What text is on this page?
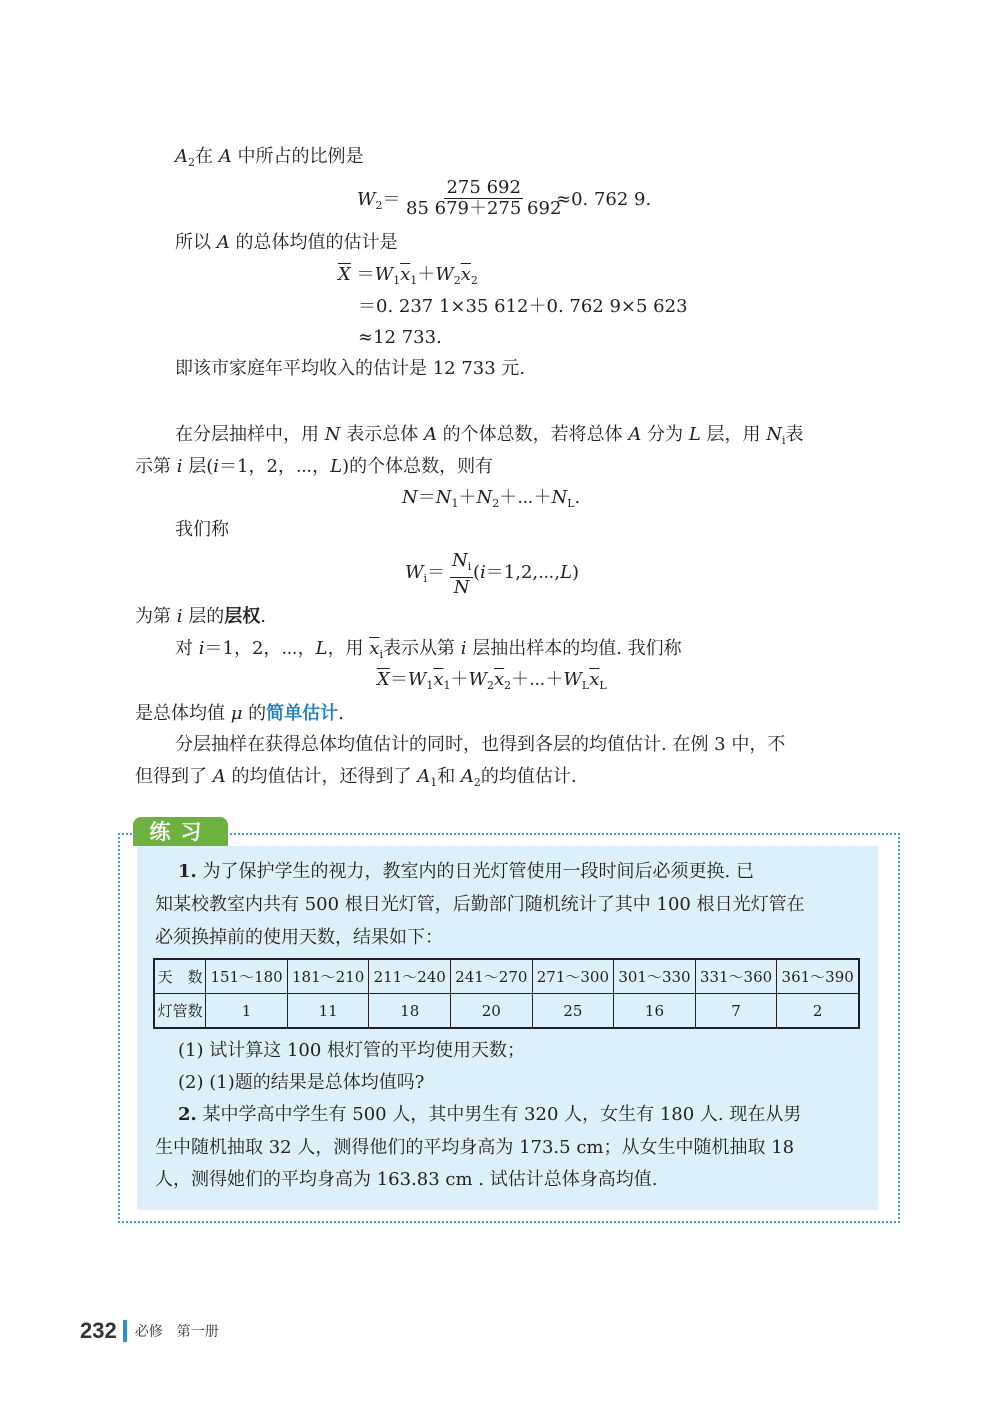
$A_2$在 A 中所占的比例是
$W_2= \frac{275 692}{85 679+275 692}$
≈0. 762 9.
所以 A 的总体均值的估计是
$\overline{X} =W_1\overline{x}_1+W_2\overline{x}_2$
＝0. 237 1×35 612＋0. 762 9×5 623
≈12 733.
即该市家庭年平均收入的估计是 12 733 元.
在分层抽样中，用 N 表示总体 A 的个体总数，若将总体 A 分为 L 层，用 $N_i$表
示第 i 层(i＝1，2，⋯，L)的个体总数，则有
$N=N_1+N_2+\cdots+N_L$.
我们称
$W_i= \frac{N_i}{N}$ (i＝1,2,⋯,L)
为第 i 层的层权.
对 i＝1，2，⋯，L，用 $\overline{x}_i$表示从第 i 层抽出样本的均值. 我们称
$\overline{X}=W_1\overline{x}_1+W_2\overline{x}_2+\cdots+W_L\overline{x}_L$
是总体均值 μ 的简单估计.
分层抽样在获得总体均值估计的同时，也得到各层的均值估计. 在例 3 中，不
但得到了 A 的均值估计，还得到了 $A_1$和 $A_2$的均值估计.
练习
1. 为了保护学生的视力，教室内的日光灯管使用一段时间后必须更换. 已
知某校教室内共有 500 根日光灯管，后勤部门随机统计了其中 100 根日光灯管在
必须换掉前的使用天数，结果如下：
天　数	151～180	181～210	211～240	241～270	271～300	301～330	331～360	361～390
灯管数	1	11	18	20	25	16	7	2
(1) 试计算这 100 根灯管的平均使用天数；
(2) (1)题的结果是总体均值吗?
2. 某中学高中学生有 500 人，其中男生有 320 人，女生有 180 人. 现在从男
生中随机抽取 32 人，测得他们的平均身高为 173.5 cm；从女生中随机抽取 18
人，测得她们的平均身高为 163.83 cm . 试估计总体身高均值.
232 必修　第一册
